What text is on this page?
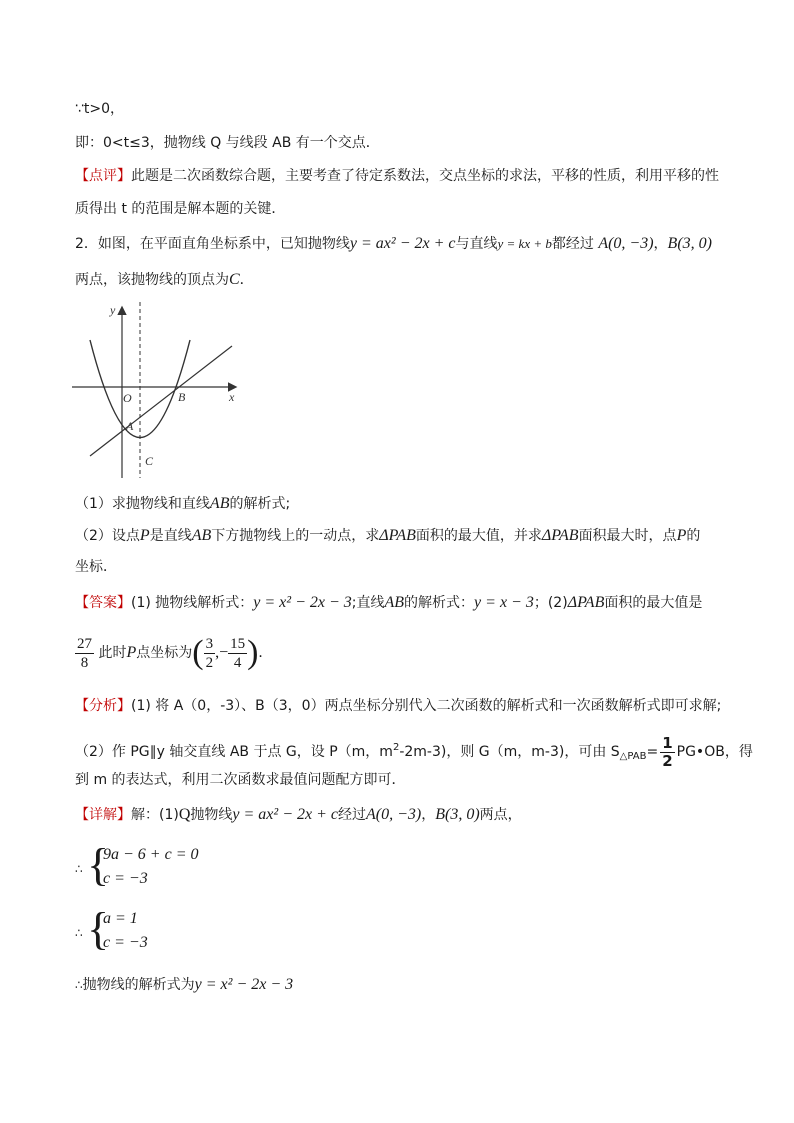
∵t>0，
即：0<t≤3，抛物线 Q 与线段 AB 有一个交点．
【点评】此题是二次函数综合题，主要考查了待定系数法，交点坐标的求法，平移的性质，利用平移的性
质得出 t 的范围是解本题的关键．
2．如图，在平面直角坐标系中，已知抛物线y = ax² − 2x + c与直线y = kx + b都经过 A(0, −3)，B(3, 0)
两点，该抛物线的顶点为C．
y
x
O
A
B
C
（1）求抛物线和直线AB的解析式;
（2）设点P是直线AB下方抛物线上的一动点，求ΔPAB面积的最大值，并求ΔPAB面积最大时，点P的
坐标．
【答案】(1) 抛物线解析式：y = x² − 2x − 3;直线AB的解析式：y = x − 3；(2)ΔPAB面积的最大值是
$\frac{27}{8}$ 此时P点坐标为( $\frac{3}{2}$ ,− $\frac{15}{4}$ )．
【分析】(1) 将 A（0，-3）、B（3，0）两点坐标分别代入二次函数的解析式和一次函数解析式即可求解;
（2）作 PG∥y 轴交直线 AB 于点 G，设 P（m，$m^2-2m-3$)，则 G（m，m-3)，可由 $S_{\triangle PAB}= \frac{1}{2}$ PG•OB，得
到 m 的表达式，利用二次函数求最值问题配方即可．
【详解】解：(1)Q抛物线y = ax² − 2x + c经过A(0, −3)，B(3, 0)两点，
∴ {
9a − 6 + c = 0
c = −3
∴ {
a = 1
c = −3
∴抛物线的解析式为y = x² − 2x − 3
